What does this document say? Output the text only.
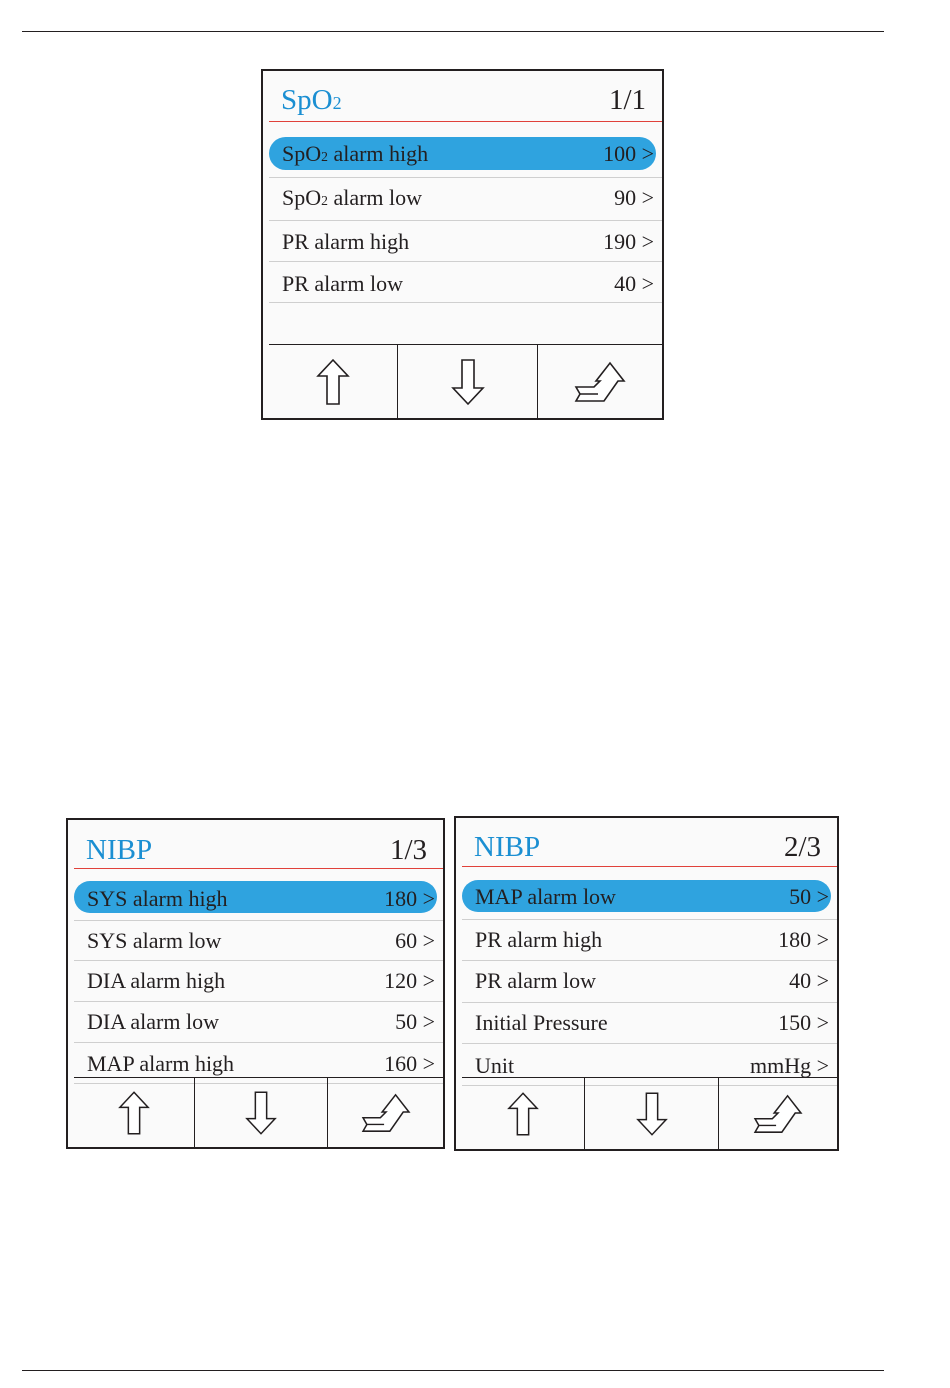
SpO2	1/1
SpO2 alarm high	100 >
SpO2 alarm low	90 >
PR alarm high	190 >
PR alarm low	40 >
NIBP	1/3
SYS alarm high	180 >
SYS alarm low	60 >
DIA alarm high	120 >
DIA alarm low	50 >
MAP alarm high	160 >
NIBP	2/3
MAP alarm low	50 >
PR alarm high	180 >
PR alarm low	40 >
Initial Pressure	150 >
Unit	mmHg >
